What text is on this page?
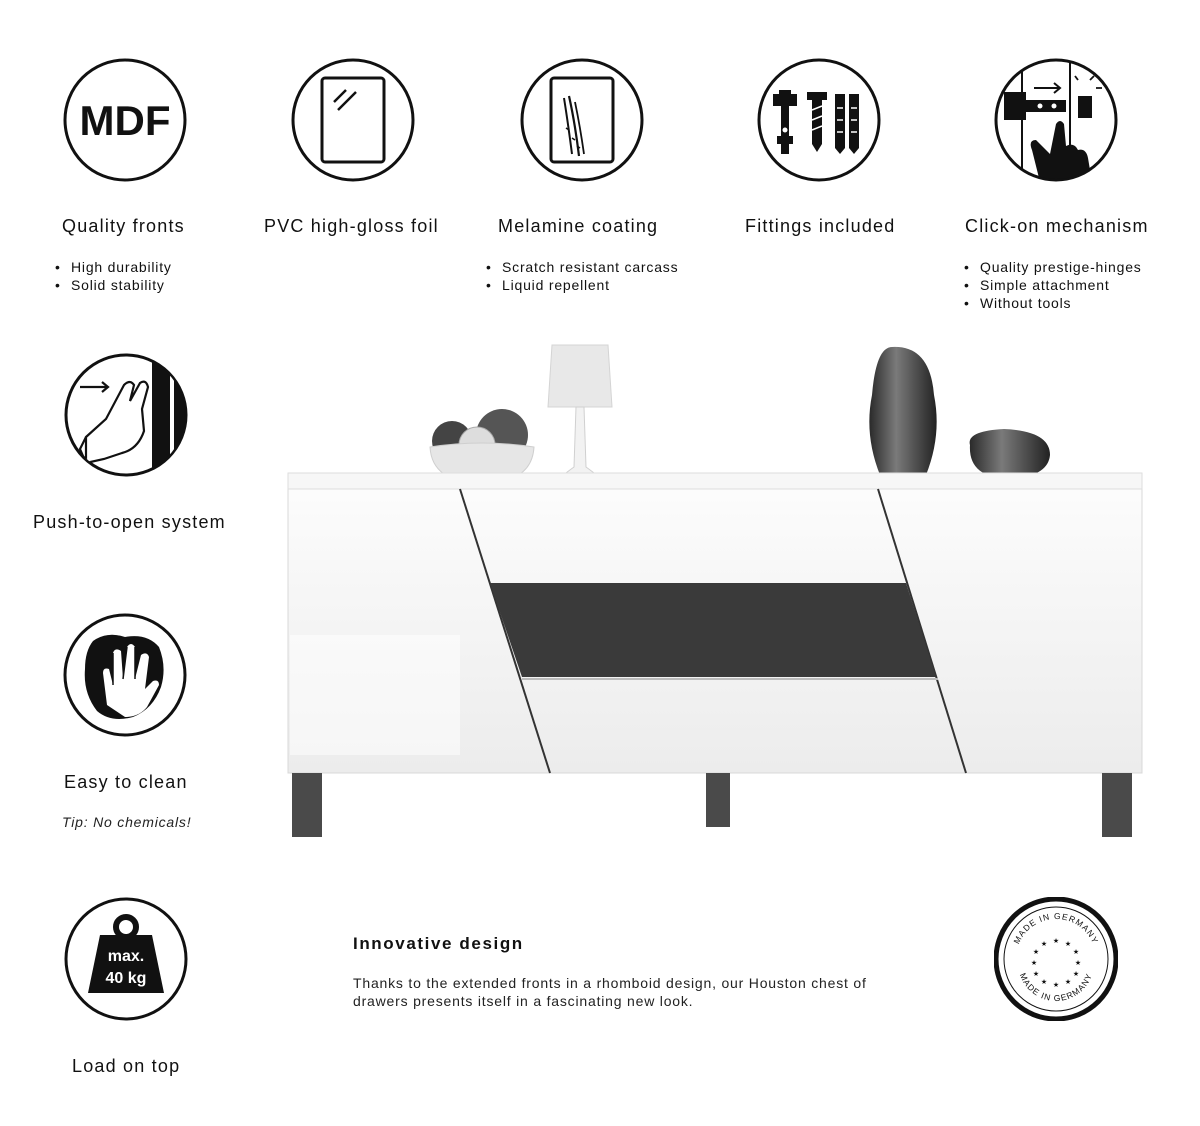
MDF
Quality fronts
• High durability
• Solid stability
PVC high-gloss foil	Melamine coating
• Scratch resistant carcass
• Liquid repellent
Fittings included	Click-on mechanism
• Quality prestige-hinges
• Simple attachment
• Without tools
Push-to-open system
Easy to clean
Tip: No chemicals!
max.
40 kg
Load on top
Innovative design
Thanks to the extended fronts in a rhomboid design, our Houston chest of drawers presents itself in a fascinating new look.
MADE IN GERMANY
MADE IN GERMANY
★ ★
★
★
★
★
★
★
★
★
★
★
